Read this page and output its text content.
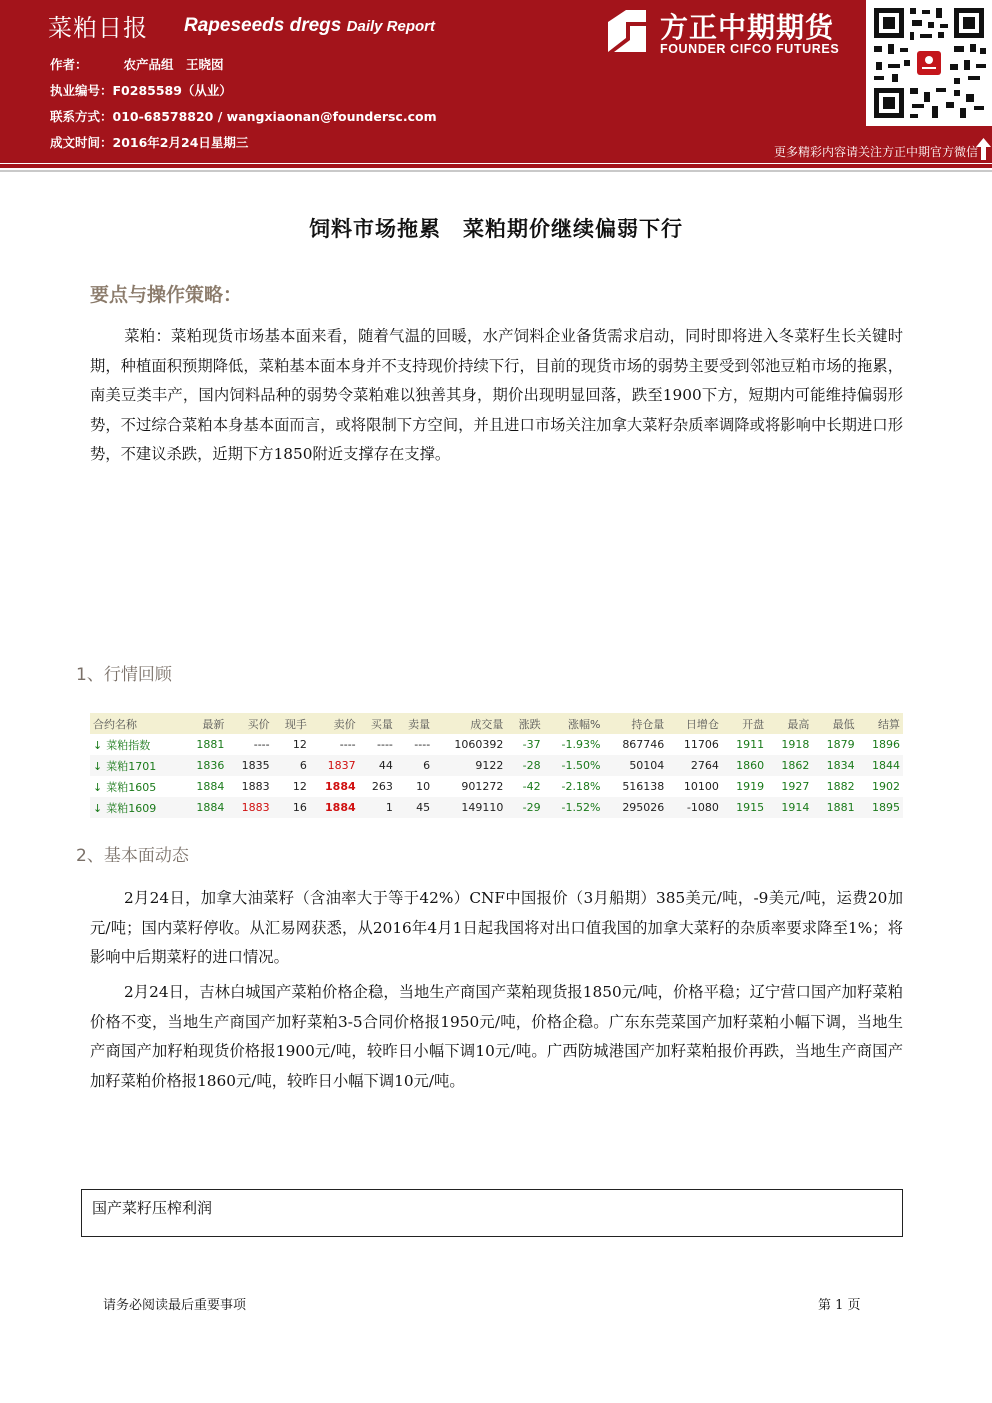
菜粕日报 Rapeseeds dregs Daily Report
作者：	农产品组　王晓囡
执业编号：F0285589（从业）
联系方式：010-68578820 / wangxiaonan@foundersc.com
成文时间：2016年2月24日星期三
方正中期期货
FOUNDER CIFCO FUTURES
更多精彩内容请关注方正中期官方微信
饲料市场拖累　菜粕期价继续偏弱下行
要点与操作策略：
菜粕：菜粕现货市场基本面来看，随着气温的回暖，水产饲料企业备货需求启动，同时即将进入冬菜籽生长关键时期，种植面积预期降低，菜粕基本面本身并不支持现价持续下行，目前的现货市场的弱势主要受到邻池豆粕市场的拖累，南美豆类丰产，国内饲料品种的弱势令菜粕难以独善其身，期价出现明显回落，跌至1900下方，短期内可能维持偏弱形势，不过综合菜粕本身基本面而言，或将限制下方空间，并且进口市场关注加拿大菜籽杂质率调降或将影响中长期进口形势，不建议杀跌，近期下方1850附近支撑存在支撑。
1、行情回顾
合约名称	最新	买价	现手	卖价	买量	卖量	成交量	涨跌	涨幅%	持仓量	日增仓	开盘	最高	最低	结算
↓ 菜粕指数	1881	----	12	----	----	----	1060392	-37	-1.93%	867746	11706	1911	1918	1879	1896
↓ 菜粕1701	1836	1835	6	1837	44	6	9122	-28	-1.50%	50104	2764	1860	1862	1834	1844
↓ 菜粕1605	1884	1883	12	1884	263	10	901272	-42	-2.18%	516138	10100	1919	1927	1882	1902
↓ 菜粕1609	1884	1883	16	1884	1	45	149110	-29	-1.52%	295026	-1080	1915	1914	1881	1895
2、基本面动态
2月24日，加拿大油菜籽（含油率大于等于42%）CNF中国报价（3月船期）385美元/吨，-9美元/吨，运费20加元/吨；国内菜籽停收。从汇易网获悉，从2016年4月1日起我国将对出口值我国的加拿大菜籽的杂质率要求降至1%；将影响中后期菜籽的进口情况。
2月24日，吉林白城国产菜粕价格企稳，当地生产商国产菜粕现货报1850元/吨，价格平稳；辽宁营口国产加籽菜粕价格不变，当地生产商国产加籽菜粕3-5合同价格报1950元/吨，价格企稳。广东东莞菜国产加籽菜粕小幅下调，当地生产商国产加籽粕现货价格报1900元/吨，较昨日小幅下调10元/吨。广西防城港国产加籽菜粕报价再跌，当地生产商国产加籽菜粕价格报1860元/吨，较昨日小幅下调10元/吨。
国产菜籽压榨利润
请务必阅读最后重要事项	第 1 页
